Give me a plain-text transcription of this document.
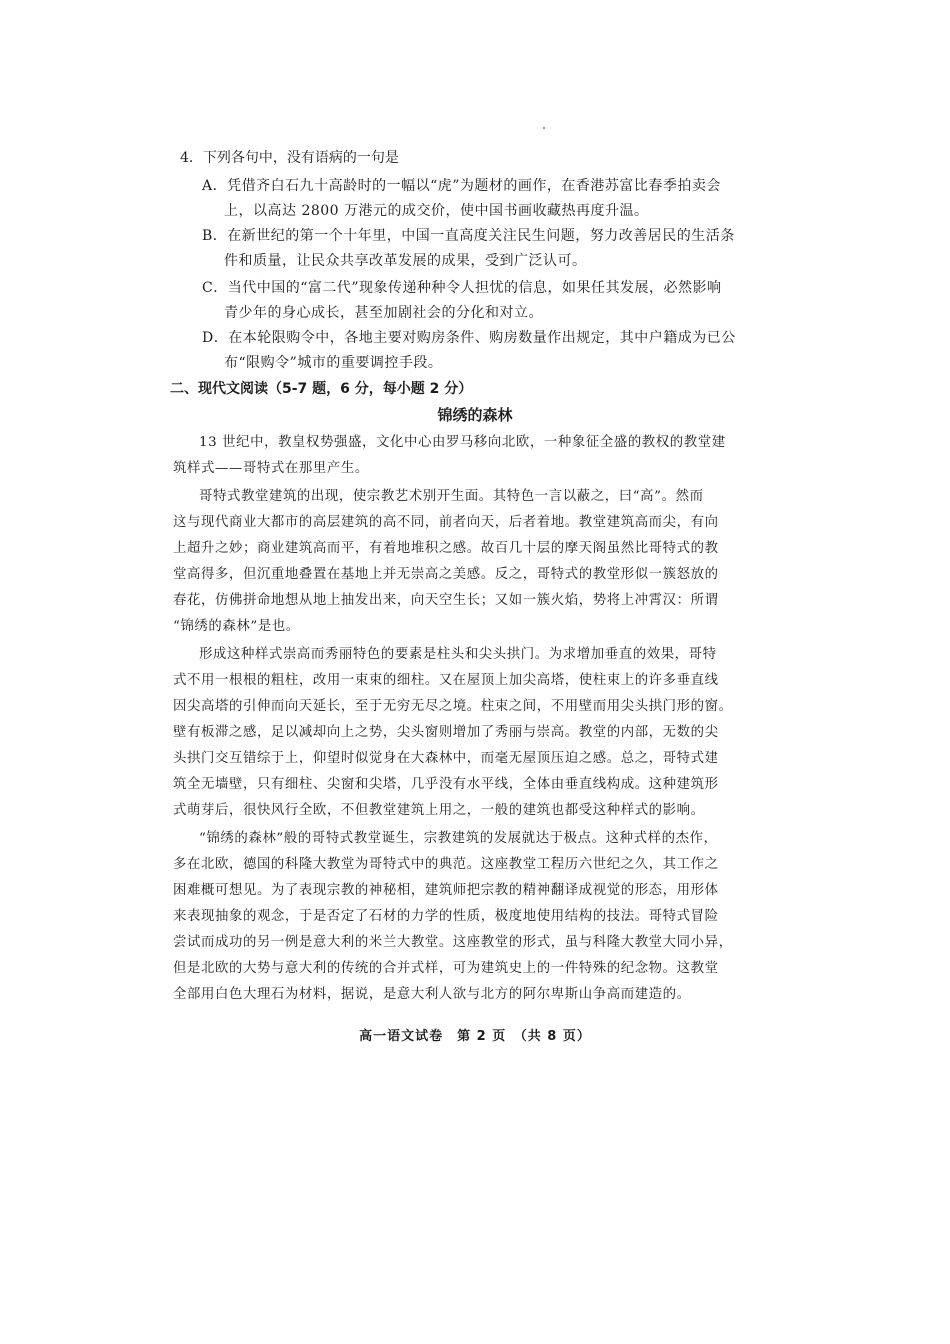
4．下列各句中，没有语病的一句是
A．凭借齐白石九十高龄时的一幅以“虎”为题材的画作，在香港苏富比春季拍卖会
上，以高达 2800 万港元的成交价，使中国书画收藏热再度升温。
B．在新世纪的第一个十年里，中国一直高度关注民生问题，努力改善居民的生活条
件和质量，让民众共享改革发展的成果，受到广泛认可。
C．当代中国的“富二代”现象传递种种令人担忧的信息，如果任其发展，必然影响
青少年的身心成长，甚至加剧社会的分化和对立。
D．在本轮限购令中，各地主要对购房条件、购房数量作出规定，其中户籍成为已公
布“限购令”城市的重要调控手段。
二、现代文阅读（5-7 题，6 分，每小题 2 分）
锦绣的森林
13 世纪中，教皇权势强盛，文化中心由罗马移向北欧，一种象征全盛的教权的教堂建
筑样式——哥特式在那里产生。
哥特式教堂建筑的出现，使宗教艺术别开生面。其特色一言以蔽之，曰“高”。然而
这与现代商业大都市的高层建筑的高不同，前者向天，后者着地。教堂建筑高而尖，有向
上超升之妙；商业建筑高而平，有着地堆积之感。故百几十层的摩天阁虽然比哥特式的教
堂高得多，但沉重地叠置在基地上并无崇高之美感。反之，哥特式的教堂形似一簇怒放的
春花，仿佛拼命地想从地上抽发出来，向天空生长；又如一簇火焰，势将上冲霄汉：所谓
“锦绣的森林”是也。
形成这种样式崇高而秀丽特色的要素是柱头和尖头拱门。为求增加垂直的效果，哥特
式不用一根根的粗柱，改用一束束的细柱。又在屋顶上加尖高塔，使柱束上的许多垂直线
因尖高塔的引伸而向天延长，至于无穷无尽之境。柱束之间，不用壁而用尖头拱门形的窗。
壁有板滞之感，足以减却向上之势，尖头窗则增加了秀丽与崇高。教堂的内部，无数的尖
头拱门交互错综于上，仰望时似觉身在大森林中，而毫无屋顶压迫之感。总之，哥特式建
筑全无墙壁，只有细柱、尖窗和尖塔，几乎没有水平线，全体由垂直线构成。这种建筑形
式萌芽后，很快风行全欧，不但教堂建筑上用之，一般的建筑也都受这种样式的影响。
“锦绣的森林”般的哥特式教堂诞生，宗教建筑的发展就达于极点。这种式样的杰作，
多在北欧，德国的科隆大教堂为哥特式中的典范。这座教堂工程历六世纪之久，其工作之
困难概可想见。为了表现宗教的神秘相，建筑师把宗教的精神翻译成视觉的形态，用形体
来表现抽象的观念，于是否定了石材的力学的性质，极度地使用结构的技法。哥特式冒险
尝试而成功的另一例是意大利的米兰大教堂。这座教堂的形式，虽与科隆大教堂大同小异，
但是北欧的大势与意大利的传统的合并式样，可为建筑史上的一件特殊的纪念物。这教堂
全部用白色大理石为材料，据说，是意大利人欲与北方的阿尔卑斯山争高而建造的。
高一语文试卷　第 2 页　（共 8 页）
